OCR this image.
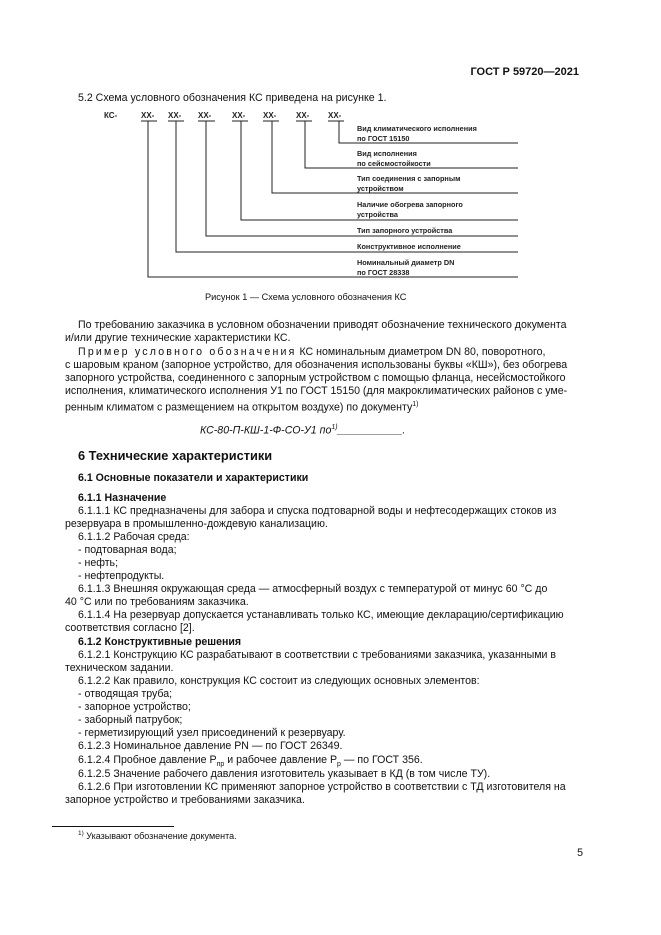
ГОСТ Р 59720—2021
5.2 Схема условного обозначения КС приведена на рисунке 1.
КС-	ХХ- ХХ- ХХ-	ХХ- ХХ- ХХ- ХХ-
Вид климатического исполнения
по ГОСТ 15150
Вид исполнения
по сейсмостойкости
Тип соединения с запорным
устройством
Наличие обогрева запорного
устройства
Тип запорного устройства
Конструктивное исполнение
Номинальный диаметр DN
по ГОСТ 28338
Рисунок 1 — Схема условного обозначения КС
По требованию заказчика в условном обозначении приводят обозначение технического документа
и/или другие технические характеристики КС.
Пример условного обозначения КС номинальным диаметром DN 80, поворотного,
с шаровым краном (запорное устройство, для обозначения использованы буквы «КШ»), без обогрева
запорного устройства, соединенного с запорным устройством с помощью фланца, несейсмостойкого
исполнения, климатического исполнения У1 по ГОСТ 15150 (для макроклиматических районов с уме-
ренным климатом с размещением на открытом воздухе) по документу$^{1)}$
КС-80-П-КШ-1-Ф-СО-У1 $по^{1)}\_\_\_\_\_\_\_\_\_\_\_$.
6 Технические характеристики
6.1 Основные показатели и характеристики
6.1.1 Назначение
6.1.1.1 КС предназначены для забора и спуска подтоварной воды и нефтесодержащих стоков из
резервуара в промышленно-дождевую канализацию.
6.1.1.2 Рабочая среда:
- подтоварная вода;
- нефть;
- нефтепродукты.
6.1.1.3 Внешняя окружающая среда — атмосферный воздух с температурой от минус 60 °С до
40 °С или по требованиям заказчика.
6.1.1.4 На резервуар допускается устанавливать только КС, имеющие декларацию/сертификацию
соответствия согласно [2].
6.1.2 Конструктивные решения
6.1.2.1 Конструкцию КС разрабатывают в соответствии с требованиями заказчика, указанными в
техническом задании.
6.1.2.2 Как правило, конструкция КС состоит из следующих основных элементов:
- отводящая труба;
- запорное устройство;
- заборный патрубок;
- герметизирующий узел присоединений к резервуару.
6.1.2.3 Номинальное давление PN — по ГОСТ 26349.
6.1.2.4 Пробное давление $P_{пр}$ и рабочее давление $P_р$ — по ГОСТ 356.
6.1.2.5 Значение рабочего давления изготовитель указывает в КД (в том числе ТУ).
6.1.2.6 При изготовлении КС применяют запорное устройство в соответствии с ТД изготовителя на
запорное устройство и требованиями заказчика.
$^{1)}$ Указывают обозначение документа.
5
